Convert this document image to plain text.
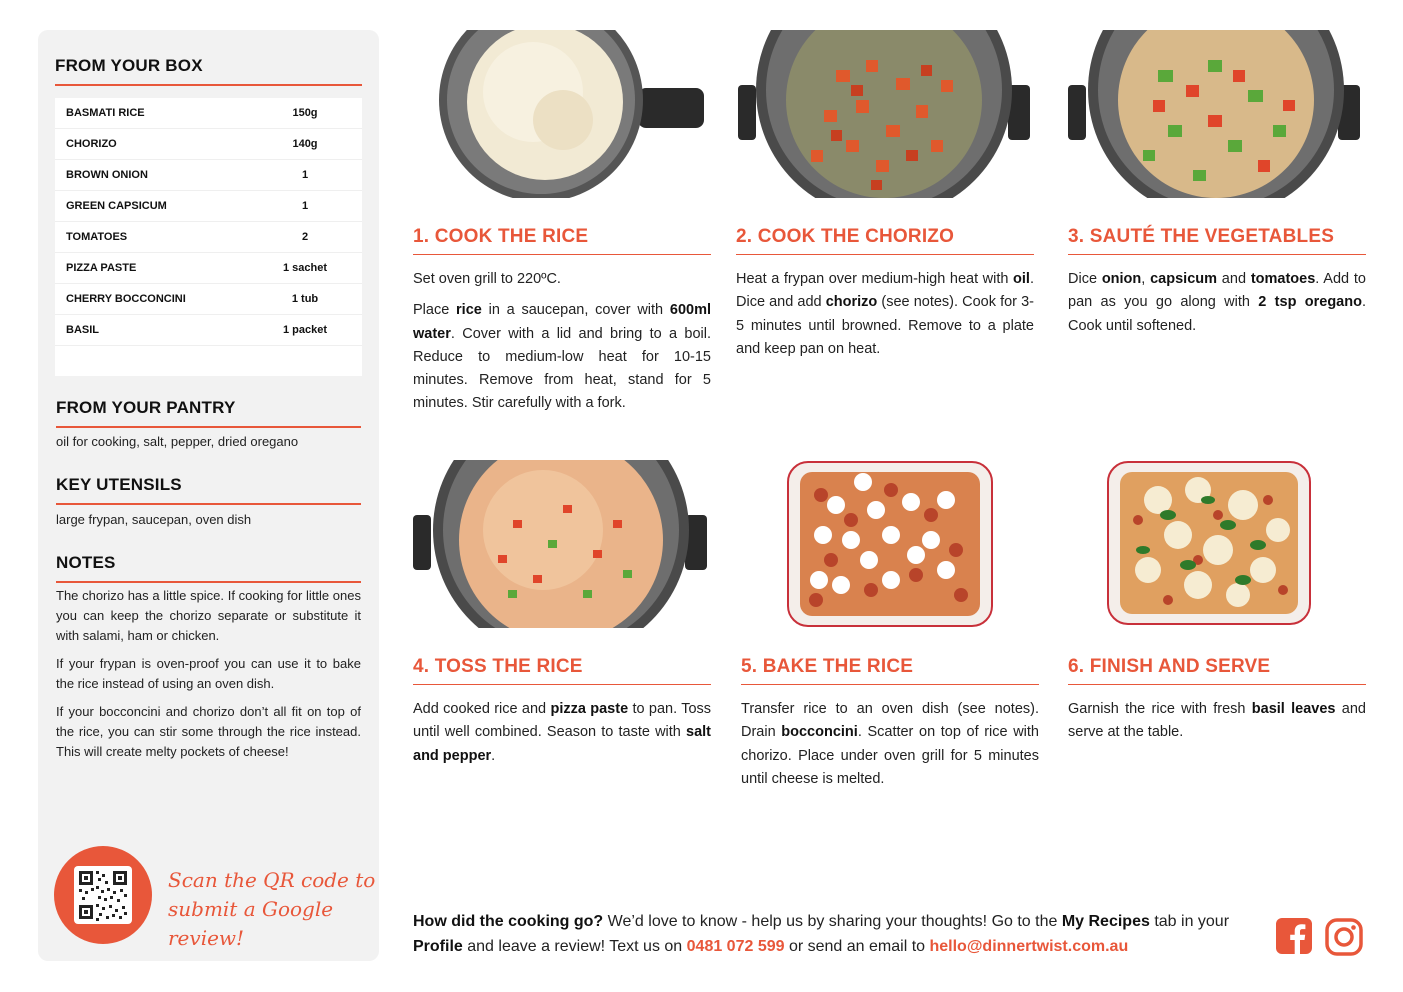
FROM YOUR BOX
BASMATI RICE	150g
CHORIZO	140g
BROWN ONION	1
GREEN CAPSICUM	1
TOMATOES	2
PIZZA PASTE	1 sachet
CHERRY BOCCONCINI	1 tub
BASIL	1 packet
FROM YOUR PANTRY
oil for cooking, salt, pepper, dried oregano
KEY UTENSILS
large frypan, saucepan, oven dish
NOTES

The chorizo has a little spice. If cooking for little ones you can keep the chorizo separate or substitute it with salami, ham or chicken.

If your frypan is oven-proof you can use it to bake the rice instead of using an oven dish.

If your bocconcini and chorizo don’t all fit on top of the rice, you can stir some through the rice instead. This will create melty pockets of cheese!

Scan the QR code to
submit a Google review!
1. COOK THE RICE

Set oven grill to 220ºC.

Place rice in a saucepan, cover with 600ml water. Cover with a lid and bring to a boil. Reduce to medium-low heat for 10-15 minutes. Remove from heat, stand for 5 minutes. Stir carefully with a fork.

2. COOK THE CHORIZO

Heat a frypan over medium-high heat with oil. Dice and add chorizo (see notes). Cook for 3-5 minutes until browned. Remove to a plate and keep pan on heat.

3. SAUTÉ THE VEGETABLES

Dice onion, capsicum and tomatoes. Add to pan as you go along with 2 tsp oregano. Cook until softened.

4. TOSS THE RICE

Add cooked rice and pizza paste to pan. Toss until well combined. Season to taste with salt and pepper.

5. BAKE THE RICE

Transfer rice to an oven dish (see notes). Drain bocconcini. Scatter on top of rice with chorizo. Place under oven grill for 5 minutes until cheese is melted.

6. FINISH AND SERVE

Garnish the rice with fresh basil leaves and serve at the table.

How did the cooking go? We’d love to know - help us by sharing your thoughts! Go to the My Recipes tab in your Profile and leave a review! Text us on 0481 072 599 or send an email to hello@dinnertwist.com.au
